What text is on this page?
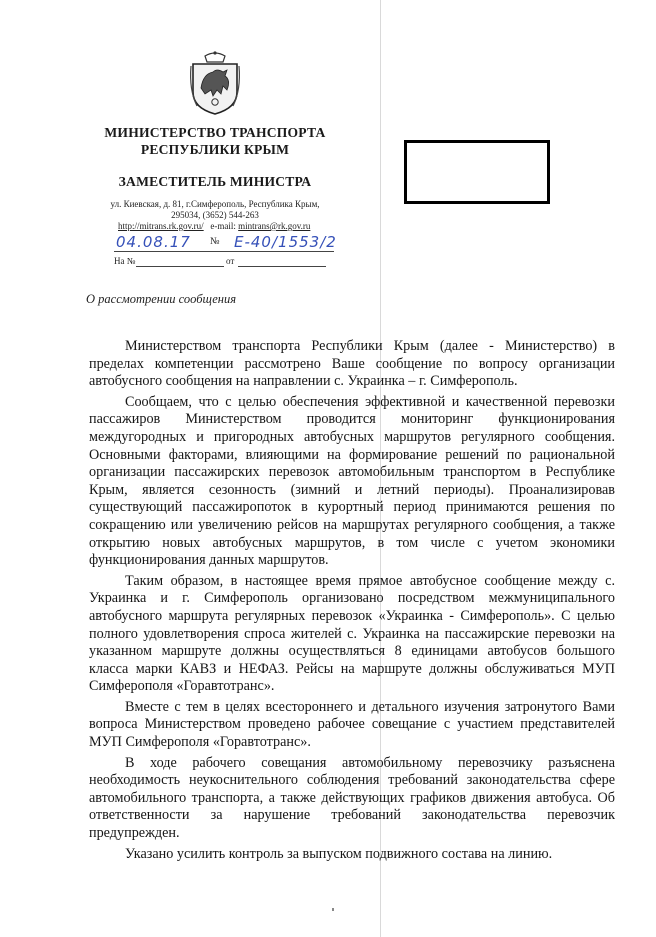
МИНИСТЕРСТВО ТРАНСПОРТА
РЕСПУБЛИКИ КРЫМ
ЗАМЕСТИТЕЛЬ МИНИСТРА
ул. Киевская, д. 81, г.Симферополь, Республика Крым,
295034, (3652) 544-263
http://mitrans.rk.gov.ru/ e-mail: mintrans@rk.gov.ru
04.08.17 № Е-40/1553/2
На №	от
О рассмотрении сообщения

Министерством транспорта Республики Крым (далее - Министерство) в пределах компетенции рассмотрено Ваше сообщение по вопросу организации автобусного сообщения на направлении с. Украинка – г. Симферополь.

Сообщаем, что с целью обеспечения эффективной и качественной перевозки пассажиров Министерством проводится мониторинг функционирования междугородных и пригородных автобусных маршрутов регулярного сообщения. Основными факторами, влияющими на формирование решений по рациональной организации пассажирских перевозок автомобильным транспортом в Республике Крым, является сезонность (зимний и летний периоды). Проанализировав существующий пассажиропоток в курортный период принимаются решения по сокращению или увеличению рейсов на маршрутах регулярного сообщения, а также открытию новых автобусных маршрутов, в том числе с учетом экономики функционирования данных маршрутов.

Таким образом, в настоящее время прямое автобусное сообщение между с. Украинка и г. Симферополь организовано посредством межмуниципального автобусного маршрута регулярных перевозок «Украинка - Симферополь». С целью полного удовлетворения спроса жителей с. Украинка на пассажирские перевозки на указанном маршруте должны осуществляться 8 единицами автобусов большого класса марки КАВЗ и НЕФАЗ. Рейсы на маршруте должны обслуживаться МУП Симферополя «Горавтотранс».

Вместе с тем в целях всестороннего и детального изучения затронутого Вами вопроса Министерством проведено рабочее совещание с участием представителей МУП Симферополя «Горавтотранс».

В ходе рабочего совещания автомобильному перевозчику разъяснена необходимость неукоснительного соблюдения требований законодательства сфере автомобильного транспорта, а также действующих графиков движения автобуса. Об ответственности за нарушение требований законодательства перевозчик предупрежден.

Указано усилить контроль за выпуском подвижного состава на линию.
